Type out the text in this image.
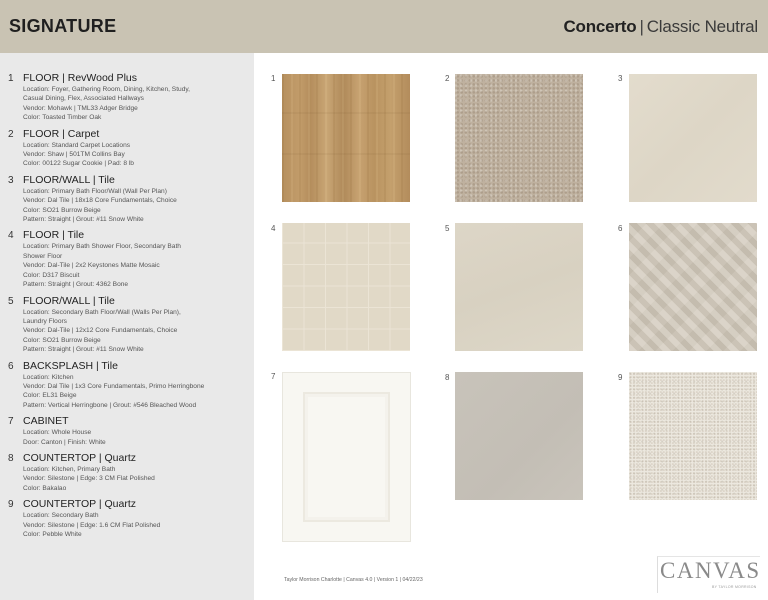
SIGNATURE	Concerto | Classic Neutral
1 FLOOR | RevWood Plus
Location: Foyer, Gathering Room, Dining, Kitchen, Study,
Casual Dining, Flex, Associated Hallways
Vendor: Mohawk | TML33 Adger Bridge
Color: Toasted Timber Oak
2 FLOOR | Carpet
Location: Standard Carpet Locations
Vendor: Shaw | 501TM Collins Bay
Color: 00122 Sugar Cookie | Pad: 8 lb
3 FLOOR/WALL | Tile
Location: Primary Bath Floor/Wall (Wall Per Plan)
Vendor: Dal Tile | 18x18 Core Fundamentals, Choice
Color: SO21 Burrow Beige
Pattern: Straight | Grout: #11 Snow White
4 FLOOR | Tile
Location: Primary Bath Shower Floor, Secondary Bath
Shower Floor
Vendor: Dal-Tile | 2x2 Keystones Matte Mosaic
Color: D317 Biscuit
Pattern: Straight | Grout: 4362 Bone
5 FLOOR/WALL | Tile
Location: Secondary Bath Floor/Wall (Walls Per Plan),
Laundry Floors
Vendor: Dal-Tile | 12x12 Core Fundamentals, Choice
Color: SO21 Burrow Beige
Pattern: Straight | Grout: #11 Snow White
6 BACKSPLASH | Tile
Location: Kitchen
Vendor: Dal Tile | 1x3 Core Fundamentals, Primo Herringbone
Color: EL31 Beige
Pattern: Vertical Herringbone | Grout: #546 Bleached Wood
7 CABINET
Location: Whole House
Door: Canton | Finish: White
8 COUNTERTOP | Quartz
Location: Kitchen, Primary Bath
Vendor: Silestone | Edge: 3 CM Flat Polished
Color: Bakalao
9 COUNTERTOP | Quartz
Location: Secondary Bath
Vendor: Silestone | Edge: 1.6 CM Flat Polished
Color: Pebble White
1	2	3
4	5	6
7	8	9
Taylor Morrison Charlotte | Canvas 4.0 | Version 1 | 04/22/23	CANVAS
BY TAYLOR MORRISON
